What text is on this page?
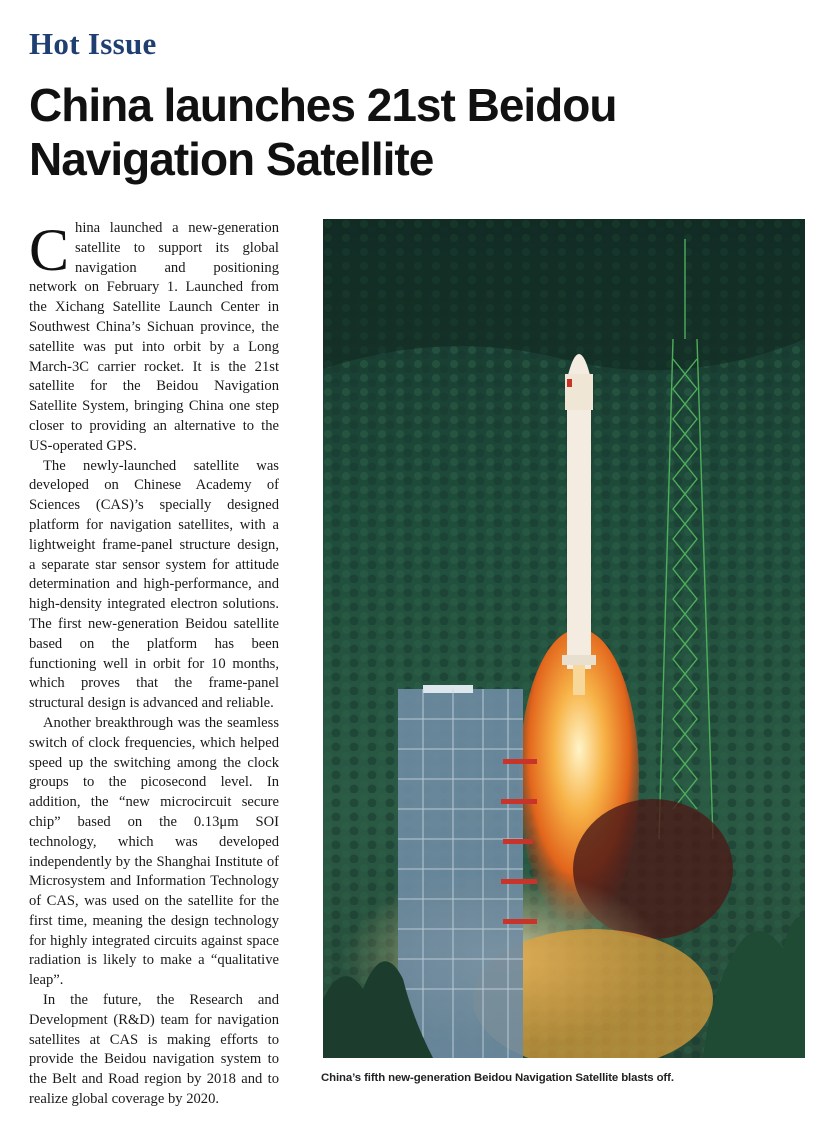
Hot Issue
China launches 21st Beidou
Navigation Satellite

China launched a new-generation satellite to support its global navigation and positioning network on February 1. Launched from the Xichang Satellite Launch Center in Southwest China’s Sichuan province, the satellite was put into orbit by a Long March-3C carrier rocket. It is the 21st satellite for the Beidou Navigation Satellite System, bringing China one step closer to providing an alternative to the US-operated GPS.

The newly-launched satellite was developed on Chinese Academy of Sciences (CAS)’s specially designed platform for navigation satellites, with a lightweight frame-panel structure design, a separate star sensor system for attitude determination and high-performance, and high-density integrated electron solutions. The first new-generation Beidou satellite based on the platform has been functioning well in orbit for 10 months, which proves that the frame-panel structural design is advanced and reliable.

Another breakthrough was the seamless switch of clock frequencies, which helped speed up the switching among the clock groups to the picosecond level. In addition, the “new microcircuit secure chip” based on the 0.13μm SOI technology, which was developed independently by the Shanghai Institute of Microsystem and Information Technology of CAS, was used on the satellite for the first time, meaning the design technology for highly integrated circuits against space radiation is likely to make a “qualitative leap”.

In the future, the Research and Development (R&D) team for navigation satellites at CAS is making efforts to provide the Beidou navigation system to the Belt and Road region by 2018 and to realize global coverage by 2020.

China’s fifth new-generation Beidou Navigation Satellite blasts off.
